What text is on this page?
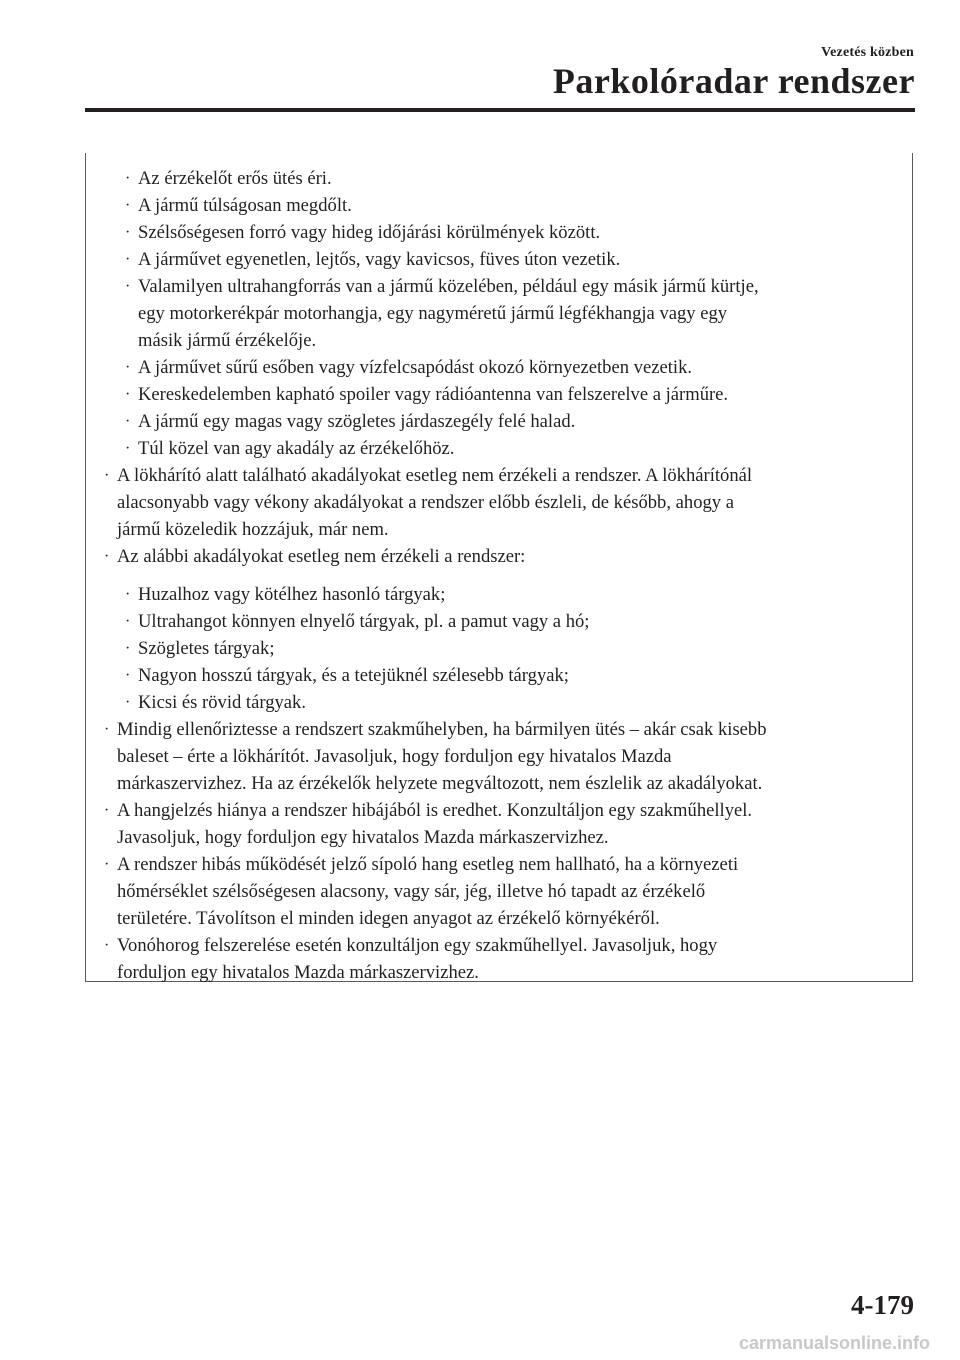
Vezetés közben
Parkolóradar rendszer
· Az érzékelőt erős ütés éri.
· A jármű túlságosan megdőlt.
· Szélsőségesen forró vagy hideg időjárási körülmények között.
· A járművet egyenetlen, lejtős, vagy kavicsos, füves úton vezetik.
· Valamilyen ultrahangforrás van a jármű közelében, például egy másik jármű kürtje,
egy motorkerékpár motorhangja, egy nagyméretű jármű légfékhangja vagy egy
másik jármű érzékelője.
· A járművet sűrű esőben vagy vízfelcsapódást okozó környezetben vezetik.
· Kereskedelemben kapható spoiler vagy rádióantenna van felszerelve a járműre.
· A jármű egy magas vagy szögletes járdaszegély felé halad.
· Túl közel van agy akadály az érzékelőhöz.
· A lökhárító alatt található akadályokat esetleg nem érzékeli a rendszer. A lökhárítónál
alacsonyabb vagy vékony akadályokat a rendszer előbb észleli, de később, ahogy a
jármű közeledik hozzájuk, már nem.
· Az alábbi akadályokat esetleg nem érzékeli a rendszer:
· Huzalhoz vagy kötélhez hasonló tárgyak;
· Ultrahangot könnyen elnyelő tárgyak, pl. a pamut vagy a hó;
· Szögletes tárgyak;
· Nagyon hosszú tárgyak, és a tetejüknél szélesebb tárgyak;
· Kicsi és rövid tárgyak.
· Mindig ellenőriztesse a rendszert szakműhelyben, ha bármilyen ütés – akár csak kisebb
baleset – érte a lökhárítót. Javasoljuk, hogy forduljon egy hivatalos Mazda
márkaszervizhez. Ha az érzékelők helyzete megváltozott, nem észlelik az akadályokat.
· A hangjelzés hiánya a rendszer hibájából is eredhet. Konzultáljon egy szakműhellyel.
Javasoljuk, hogy forduljon egy hivatalos Mazda márkaszervizhez.
· A rendszer hibás működését jelző sípoló hang esetleg nem hallható, ha a környezeti
hőmérséklet szélsőségesen alacsony, vagy sár, jég, illetve hó tapadt az érzékelő
területére. Távolítson el minden idegen anyagot az érzékelő környékéről.
· Vonóhorog felszerelése esetén konzultáljon egy szakműhellyel. Javasoljuk, hogy
forduljon egy hivatalos Mazda márkaszervizhez.
4-179
carmanualsonline.info
